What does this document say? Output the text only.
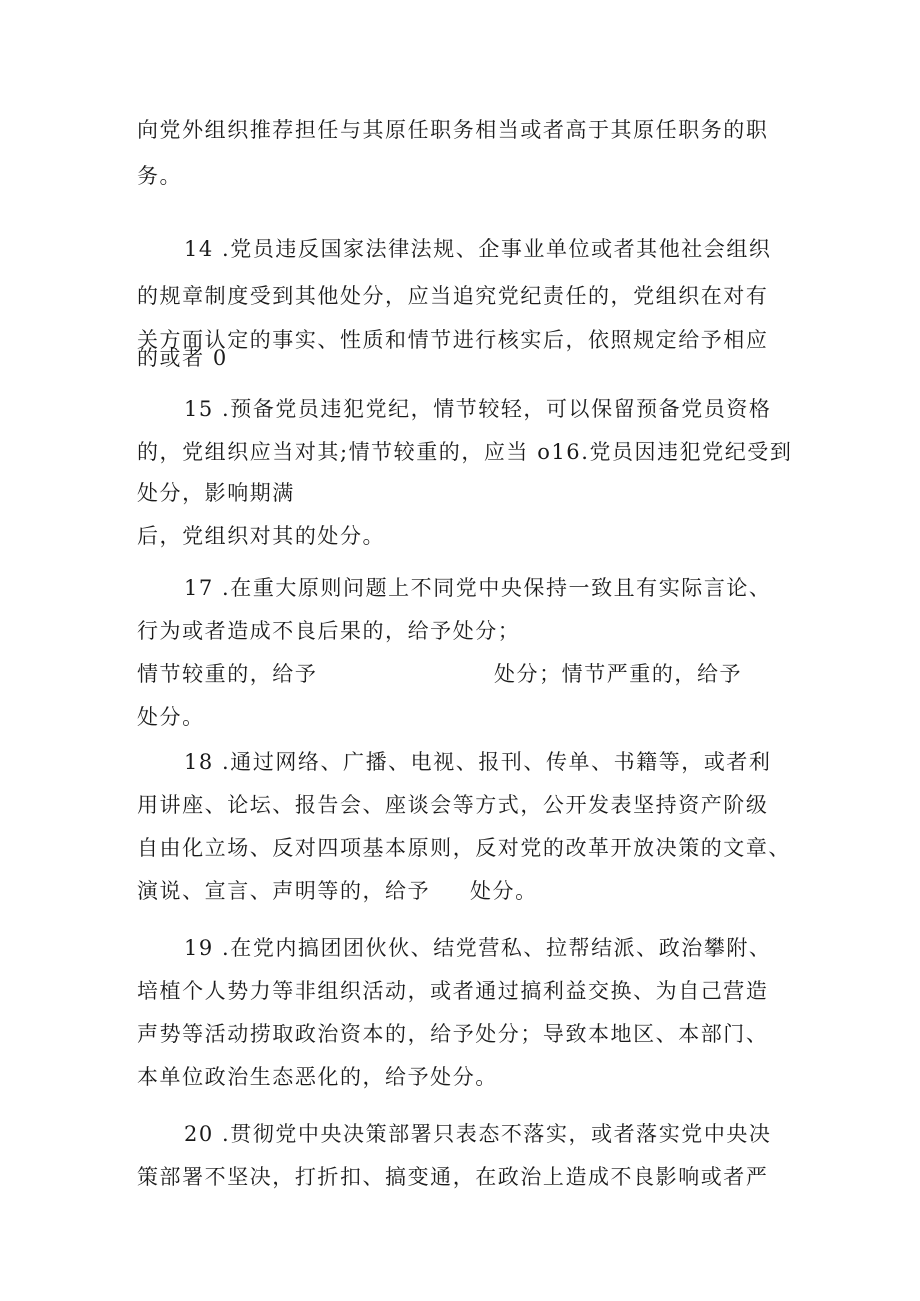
向党外组织推荐担任与其原任职务相当或者高于其原任职务的职
务。
14 .党员违反国家法律法规、企事业单位或者其他社会组织
的规章制度受到其他处分，应当追究党纪责任的，党组织在对有
关方面认定的事实、性质和情节进行核实后，依照规定给予相应
的或者 0
15 .预备党员违犯党纪，情节较轻，可以保留预备党员资格
的，党组织应当对其;情节较重的，应当 o16.党员因违犯党纪受到
处分，影响期满
后，党组织对其的处分。
17 .在重大原则问题上不同党中央保持一致且有实际言论、
行为或者造成不良后果的，给予处分；
情节较重的，给予	处分；情节严重的，给予
处分。
18 .通过网络、广播、电视、报刊、传单、书籍等，或者利
用讲座、论坛、报告会、座谈会等方式，公开发表坚持资产阶级
自由化立场、反对四项基本原则，反对党的改革开放决策的文章、
演说、宣言、声明等的，给予 处分。
19 .在党内搞团团伙伙、结党营私、拉帮结派、政治攀附、
培植个人势力等非组织活动，或者通过搞利益交换、为自己营造
声势等活动捞取政治资本的，给予处分；导致本地区、本部门、
本单位政治生态恶化的，给予处分。
20 .贯彻党中央决策部署只表态不落实，或者落实党中央决
策部署不坚决，打折扣、搞变通，在政治上造成不良影响或者严
